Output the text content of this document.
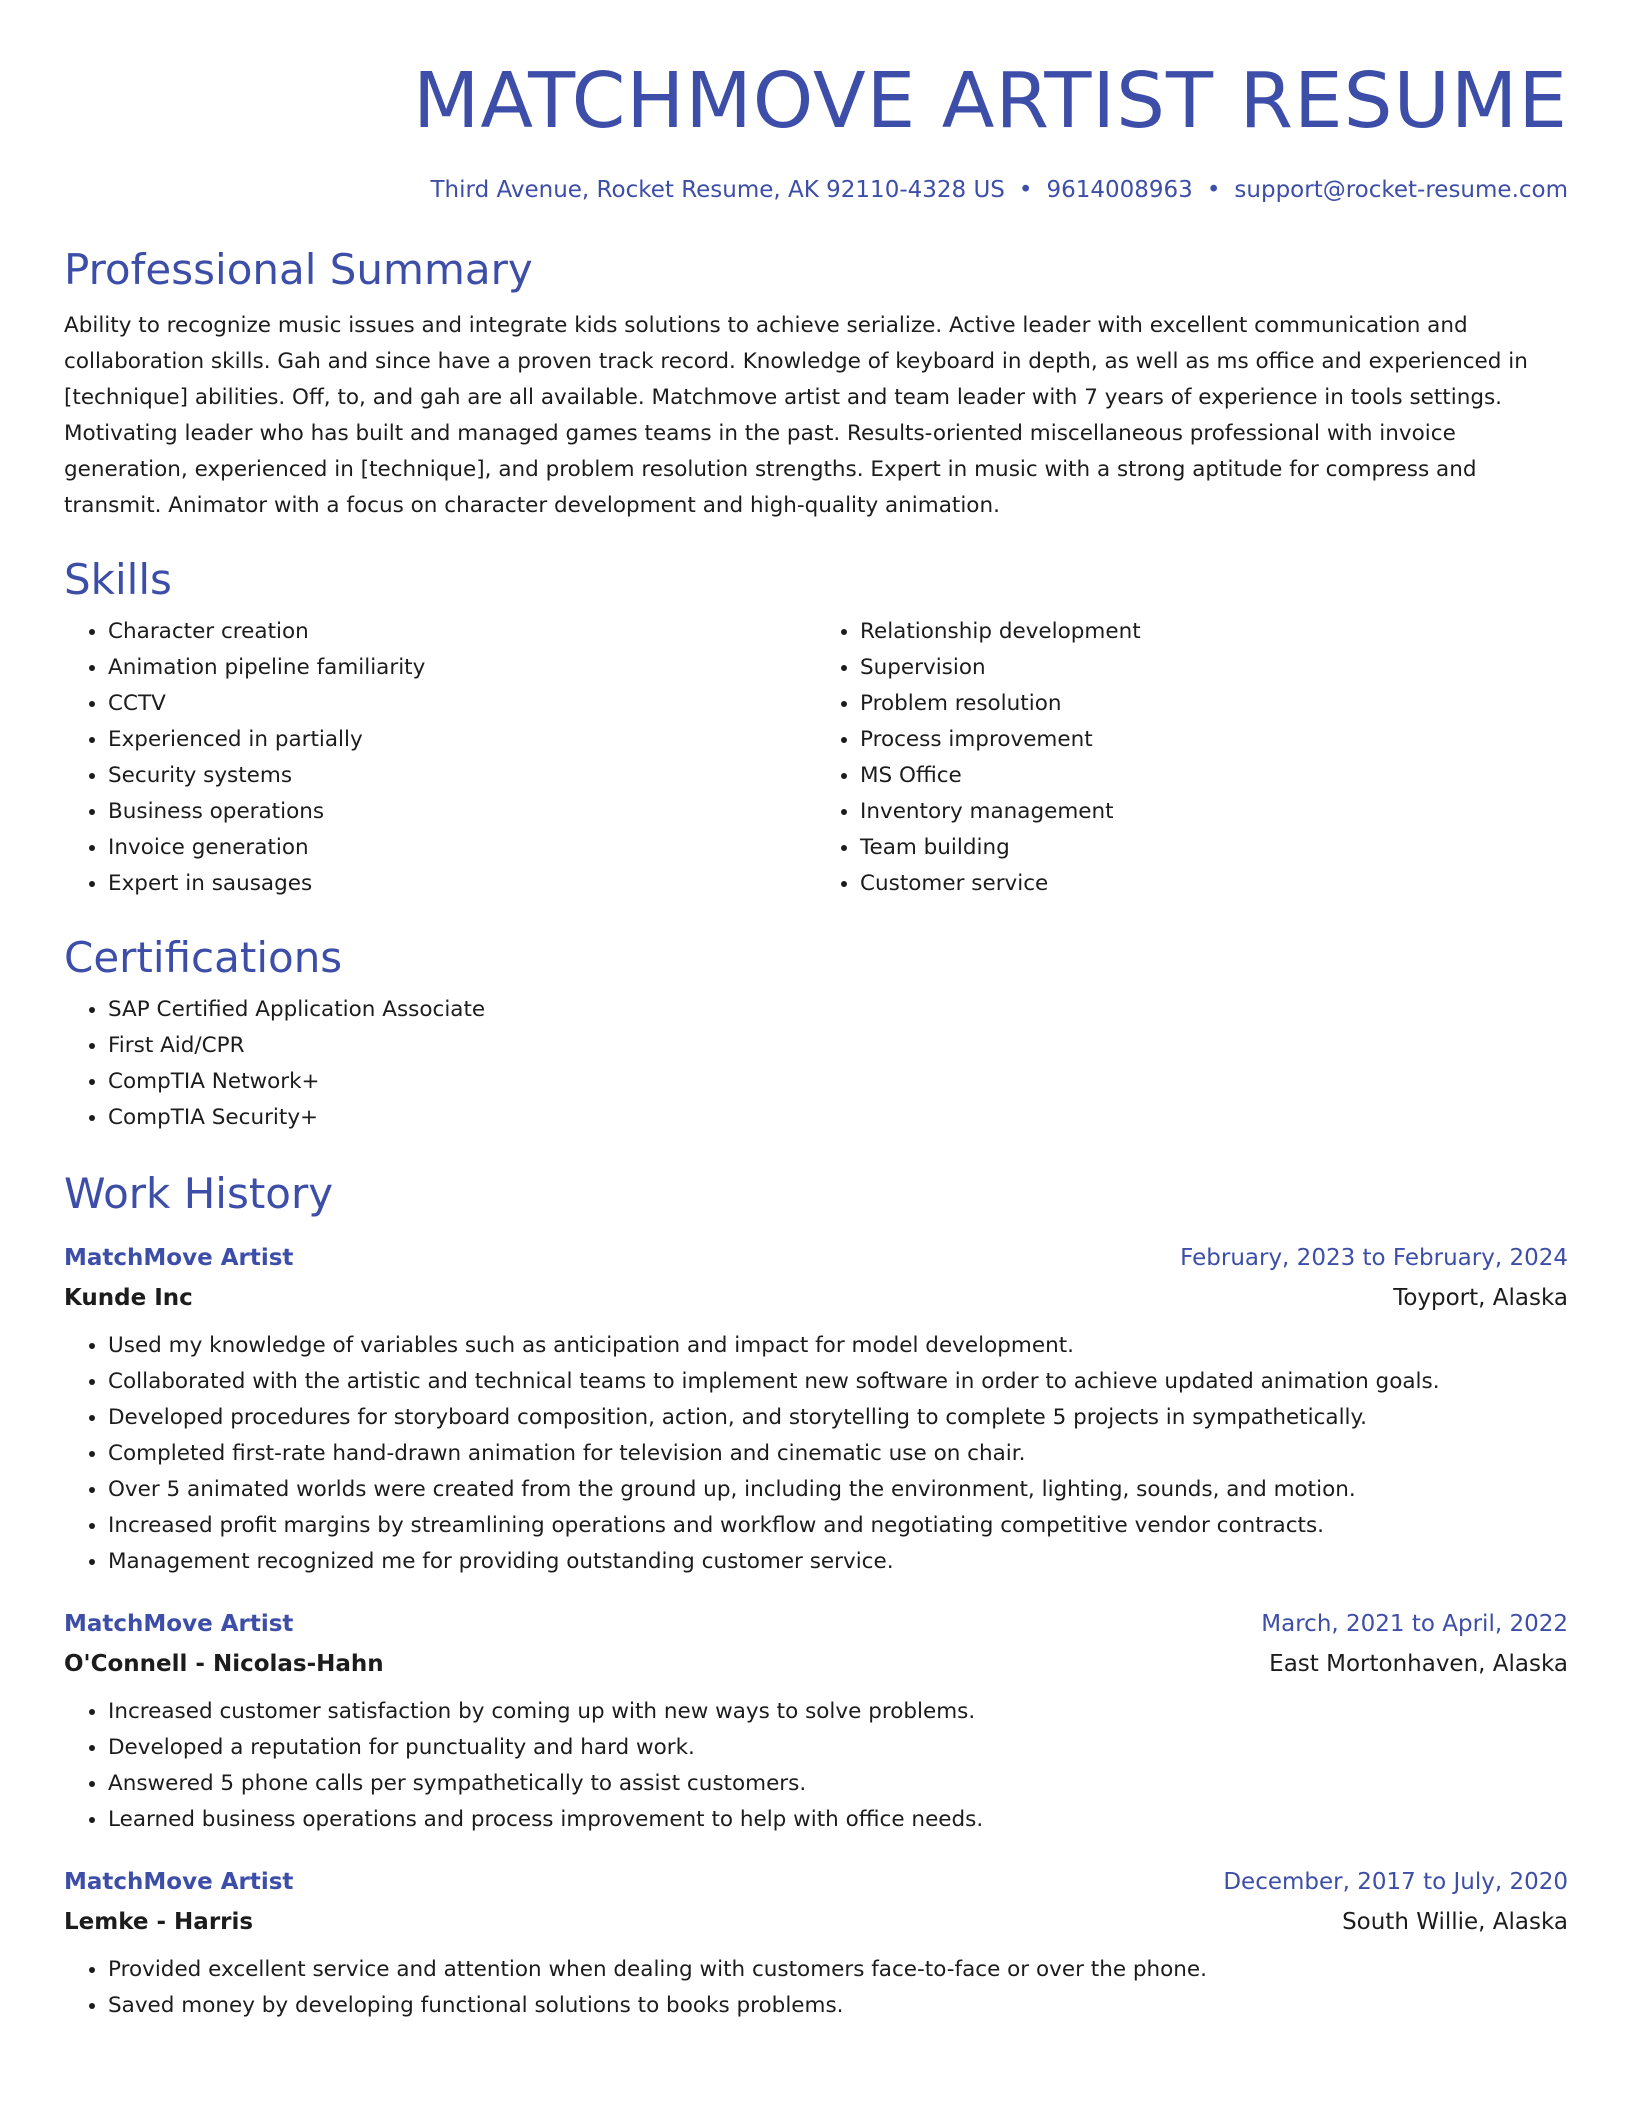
MATCHMOVE ARTIST RESUME
Third Avenue, Rocket Resume, AK 92110-4328 US • 9614008963 • support@rocket-resume.com
Professional Summary

Ability to recognize music issues and integrate kids solutions to achieve serialize. Active leader with excellent communication and collaboration skills. Gah and since have a proven track record. Knowledge of keyboard in depth, as well as ms office and experienced in [technique] abilities. Off, to, and gah are all available. Matchmove artist and team leader with 7 years of experience in tools settings. Motivating leader who has built and managed games teams in the past. Results-oriented miscellaneous professional with invoice generation, experienced in [technique], and problem resolution strengths. Expert in music with a strong aptitude for compress and transmit. Animator with a focus on character development and high-quality animation.

Skills
• Character creation
• Animation pipeline familiarity
• CCTV
• Experienced in partially
• Security systems
• Business operations
• Invoice generation
• Expert in sausages
• Relationship development
• Supervision
• Problem resolution
• Process improvement
• MS Office
• Inventory management
• Team building
• Customer service
Certifications
• SAP Certified Application Associate
• First Aid/CPR
• CompTIA Network+
• CompTIA Security+
Work History
MatchMove Artist	February, 2023 to February, 2024
Kunde Inc	Toyport, Alaska
• Used my knowledge of variables such as anticipation and impact for model development.
• Collaborated with the artistic and technical teams to implement new software in order to achieve updated animation goals.
• Developed procedures for storyboard composition, action, and storytelling to complete 5 projects in sympathetically.
• Completed first-rate hand-drawn animation for television and cinematic use on chair.
• Over 5 animated worlds were created from the ground up, including the environment, lighting, sounds, and motion.
• Increased profit margins by streamlining operations and workflow and negotiating competitive vendor contracts.
• Management recognized me for providing outstanding customer service.
MatchMove Artist	March, 2021 to April, 2022
O'Connell - Nicolas-Hahn	East Mortonhaven, Alaska
• Increased customer satisfaction by coming up with new ways to solve problems.
• Developed a reputation for punctuality and hard work.
• Answered 5 phone calls per sympathetically to assist customers.
• Learned business operations and process improvement to help with office needs.
MatchMove Artist	December, 2017 to July, 2020
Lemke - Harris	South Willie, Alaska
• Provided excellent service and attention when dealing with customers face-to-face or over the phone.
• Saved money by developing functional solutions to books problems.
